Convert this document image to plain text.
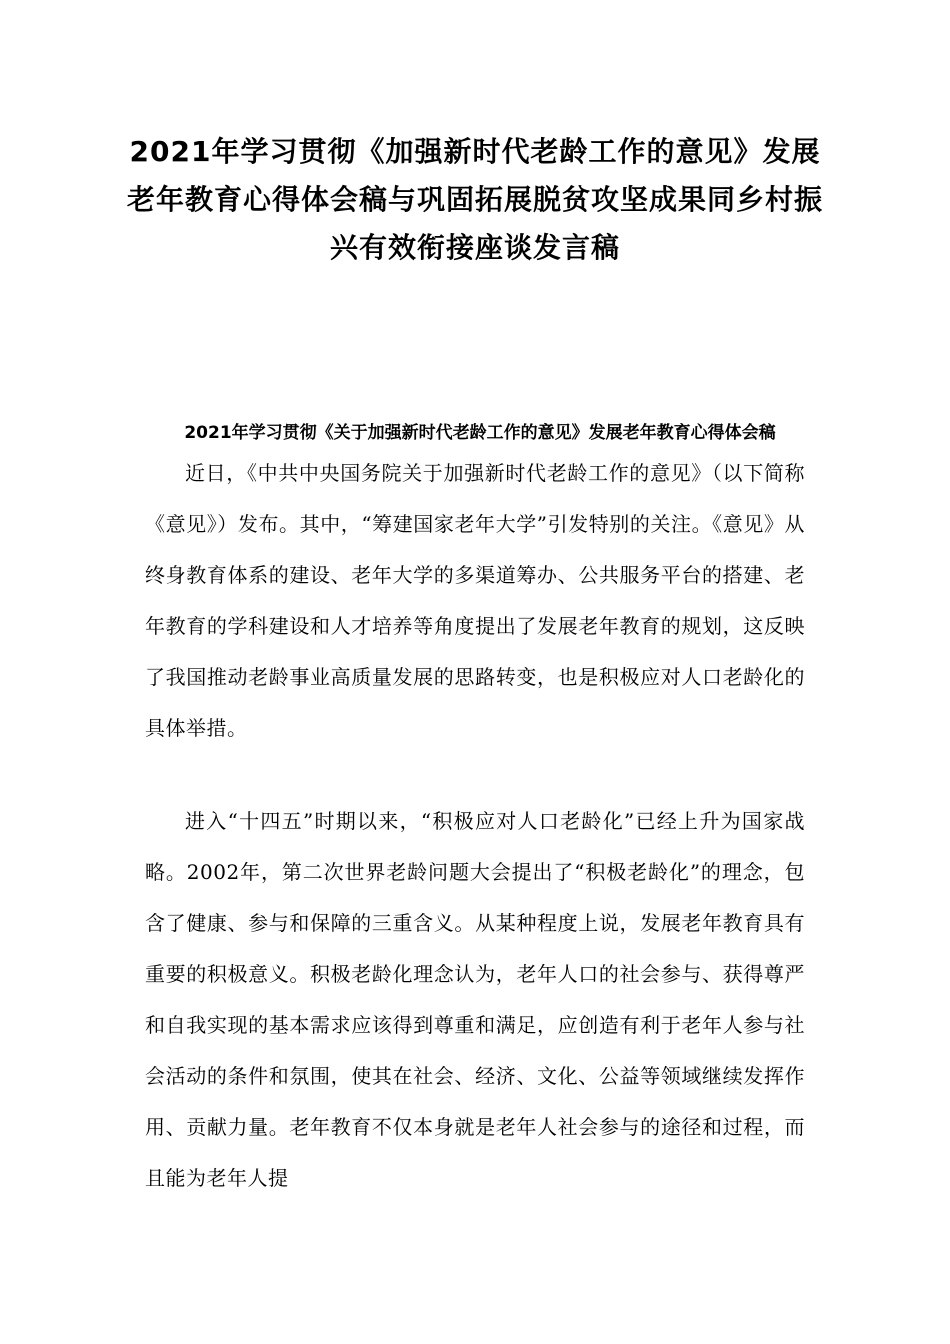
2021年学习贯彻《加强新时代老龄工作的意见》发展老年教育心得体会稿与巩固拓展脱贫攻坚成果同乡村振兴有效衔接座谈发言稿
2021年学习贯彻《关于加强新时代老龄工作的意见》发展老年教育心得体会稿

近日，《中共中央国务院关于加强新时代老龄工作的意见》（以下简称《意见》）发布。其中，“筹建国家老年大学”引发特别的关注。《意见》从终身教育体系的建设、老年大学的多渠道筹办、公共服务平台的搭建、老年教育的学科建设和人才培养等角度提出了发展老年教育的规划，这反映了我国推动老龄事业高质量发展的思路转变，也是积极应对人口老龄化的具体举措。

进入“十四五”时期以来，“积极应对人口老龄化”已经上升为国家战略。2002年，第二次世界老龄问题大会提出了“积极老龄化”的理念，包含了健康、参与和保障的三重含义。从某种程度上说，发展老年教育具有重要的积极意义。积极老龄化理念认为，老年人口的社会参与、获得尊严和自我实现的基本需求应该得到尊重和满足，应创造有利于老年人参与社会活动的条件和氛围，使其在社会、经济、文化、公益等领域继续发挥作用、贡献力量。老年教育不仅本身就是老年人社会参与的途径和过程，而且能为老年人提
